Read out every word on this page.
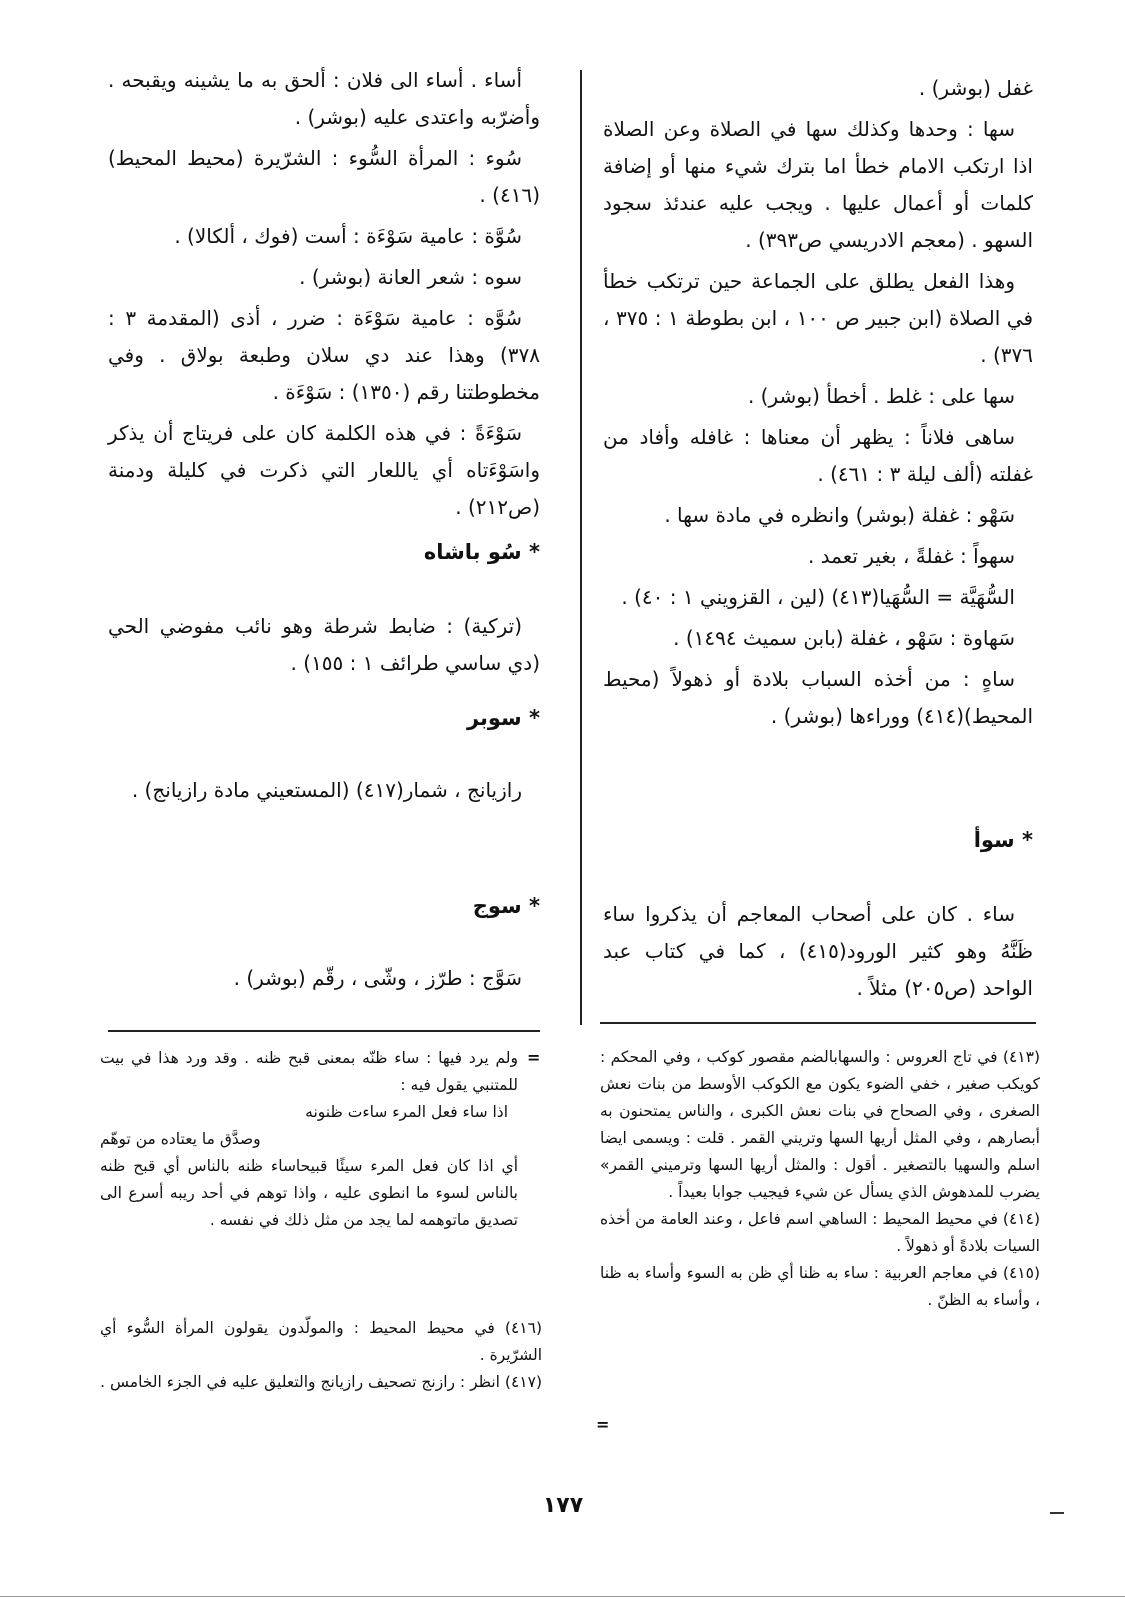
غفل (بوشر) .

سها : وحدها وكذلك سها في الصلاة وعن الصلاة اذا ارتكب الامام خطأ اما بترك شيء منها أو إضافة كلمات أو أعمال عليها . ويجب عليه عندئذ سجود السهو . (معجم الادريسي ص٣٩٣) .

وهذا الفعل يطلق على الجماعة حين ترتكب خطأ في الصلاة (ابن جبير ص ١٠٠ ، ابن بطوطة ١ : ٣٧٥ ، ٣٧٦) .

سها على : غلط . أخطأ (بوشر) .

ساهى فلاناً : يظهر أن معناها : غافله وأفاد من غفلته (ألف ليلة ٣ : ٤٦١) .

سَهْو : غفلة (بوشر) وانظره في مادة سها .

سهواً : غفلةً ، بغير تعمد .

السُّهَيَّة = السُّهَيا(٤١٣) (لين ، القزويني ١ : ٤٠) .

سَهاوة : سَهْو ، غفلة (بابن سميث ١٤٩٤) .

ساهٍ : من أخذه السباب بلادة أو ذهولاً (محيط المحيط)(٤١٤) ووراءها (بوشر) .

* سوأ

ساء . كان على أصحاب المعاجم أن يذكروا ساء ظَنَّهُ وهو كثير الورود(٤١٥) ، كما في كتاب عبد الواحد (ص٢٠٥) مثلاً .

(٤١٣) في تاج العروس : والسهابالضم مقصور كوكب ، وفي المحكم : كويكب صغير ، خفي الضوء يكون مع الكوكب الأوسط من بنات نعش الصغرى ، وفي الصحاح في بنات نعش الكبرى ، والناس يمتحنون به أبصارهم ، وفي المثل أريها السها وتريني القمر . قلت : ويسمى ايضا اسلم والسهيا بالتصغير . أقول : والمثل أريها السها وترميني القمر» يضرب للمدهوش الذي يسأل عن شيء فيجيب جوابا بعيداً .

(٤١٤) في محيط المحيط : الساهي اسم فاعل ، وعند العامة من أخذه السيات بلادةً أو ذهولاً .

(٤١٥) في معاجم العربية : ساء به ظنا أي ظن به السوء وأساء به ظنا ، وأساء به الظنّ .

=

أساء . أساء الى فلان : ألحق به ما يشينه ويقبحه . وأضرّبه واعتدى عليه (بوشر) .

سُوء : المرأة السُّوء : الشرّيرة (محيط المحيط)(٤١٦) .

سُوَّة : عامية سَوْءَة : أست (فوك ، ألكالا) .

سوه : شعر العانة (بوشر) .

سُوَّه : عامية سَوْءَة : ضرر ، أذى (المقدمة ٣ : ٣٧٨) وهذا عند دي سلان وطبعة بولاق . وفي مخطوطتنا رقم (١٣٥٠) : سَوْءَة .

سَوْءَةً : في هذه الكلمة كان على فريتاج أن يذكر واسَوْءَتاه أي ياللعار التي ذكرت في كليلة ودمنة (ص٢١٢) .

* سُو باشاه

(تركية) : ضابط شرطة وهو نائب مفوضي الحي (دي ساسي طرائف ١ : ١٥٥) .

* سوبر

رازيانج ، شمار(٤١٧) (المستعيني مادة رازيانج) .

* سوج

سَوَّج : طرّز ، وشّى ، رقّم (بوشر) .

=

ولم يرد فيها : ساء ظنّه بمعنى قبح ظنه . وقد ورد هذا في بيت للمتنبي يقول فيه :

اذا ساء فعل المرء ساءت ظنونه

وصدَّق ما يعتاده من توهّم

أي اذا كان فعل المرء سيئًا قبيحاساء ظنه بالناس أي قبح ظنه بالناس لسوء ما انطوى عليه ، واذا توهم في أحد ريبه أسرع الى تصديق ماتوهمه لما يجد من مثل ذلك في نفسه .

(٤١٦) في محيط المحيط : والمولّدون يقولون المرأة السُّوء أي الشرّيرة .

(٤١٧) انظر : رازنج تصحيف رازيانج والتعليق عليه في الجزء الخامس .

١٧٧
